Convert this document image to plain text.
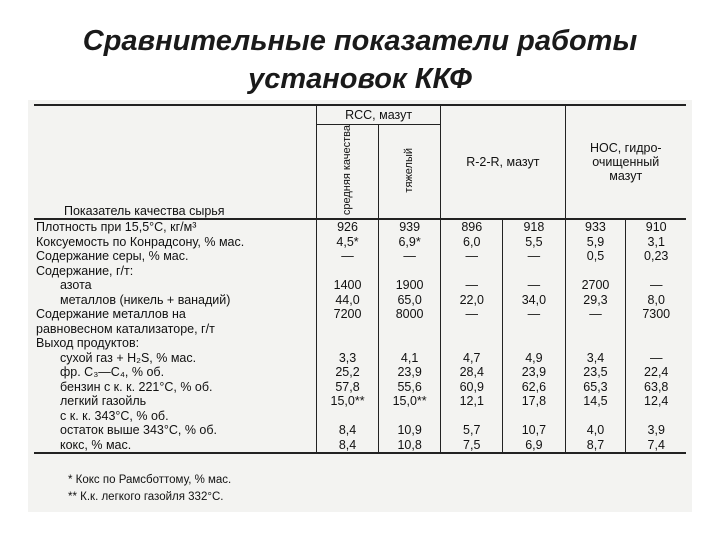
Сравнительные показатели работы
установок ККФ
Показатель качества сырья	RCC, мазут		R-2-R, мазут		HOC, гидро-
очищенный
мазут	

	средняя качества	тяжелый				
Плотность при 15,5°C, кг/м³	926	939	896	918	933	910
Коксуемость по Конрадсону, % мас.	4,5*	6,9*	6,0	5,5	5,9	3,1
Содержание серы, % мас.	—	—	—	—	0,5	0,23
Содержание, г/т:						
азота	1400	1900	—	—	2700	—
металлов (никель + ванадий)	44,0	65,0	22,0	34,0	29,3	8,0
Содержание металлов на	7200	8000	—	—	—	7300
равновесном катализаторе, г/т						
Выход продуктов:						
сухой газ + H₂S, % мас.	3,3	4,1	4,7	4,9	3,4	—
фр. C₃—C₄, % об.	25,2	23,9	28,4	23,9	23,5	22,4
бензин с к. к. 221°C, % об.	57,8	55,6	60,9	62,6	65,3	63,8
легкий газойль	15,0**	15,0**	12,1	17,8	14,5	12,4
с к. к. 343°C, % об.						
остаток выше 343°C, % об.	8,4	10,9	5,7	10,7	4,0	3,9
кокс, % мас.	8,4	10,8	7,5	6,9	8,7	7,4
* Кокс по Рамсботтому, % мас.
** К.к. легкого газойля 332°C.
